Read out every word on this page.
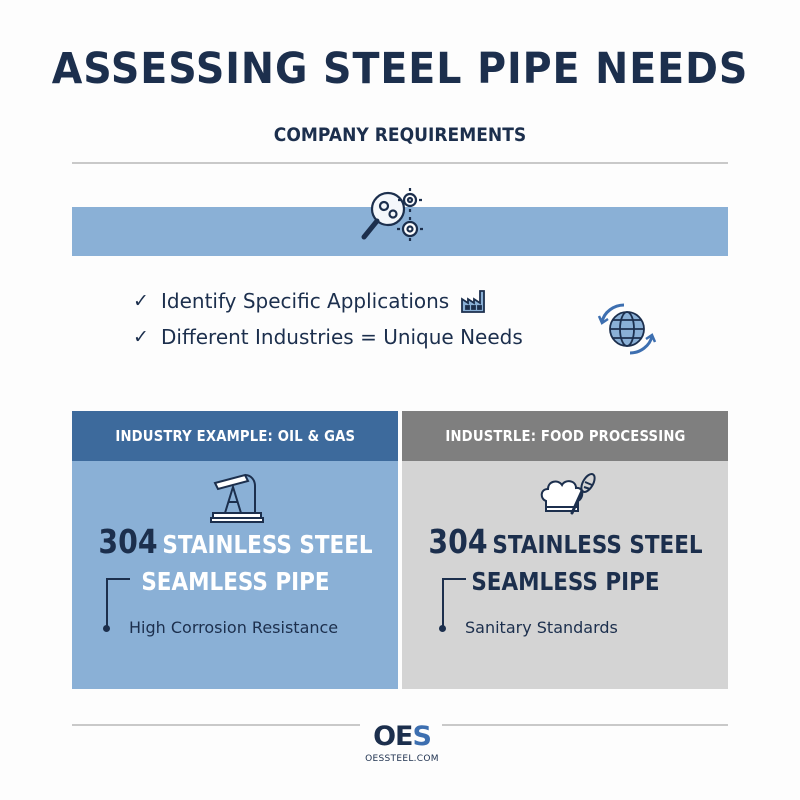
ASSESSING STEEL PIPE NEEDS
COMPANY REQUIREMENTS
✓ Identify Specific Applications
✓ Different Industries = Unique Needs
INDUSTRY EXAMPLE: OIL & GAS
304 STAINLESS STEEL
SEAMLESS PIPE
High Corrosion Resistance
INDUSTRLE: FOOD PROCESSING
304 STAINLESS STEEL
SEAMLESS PIPE
Sanitary Standards
OES
OESSTEEL.COM
